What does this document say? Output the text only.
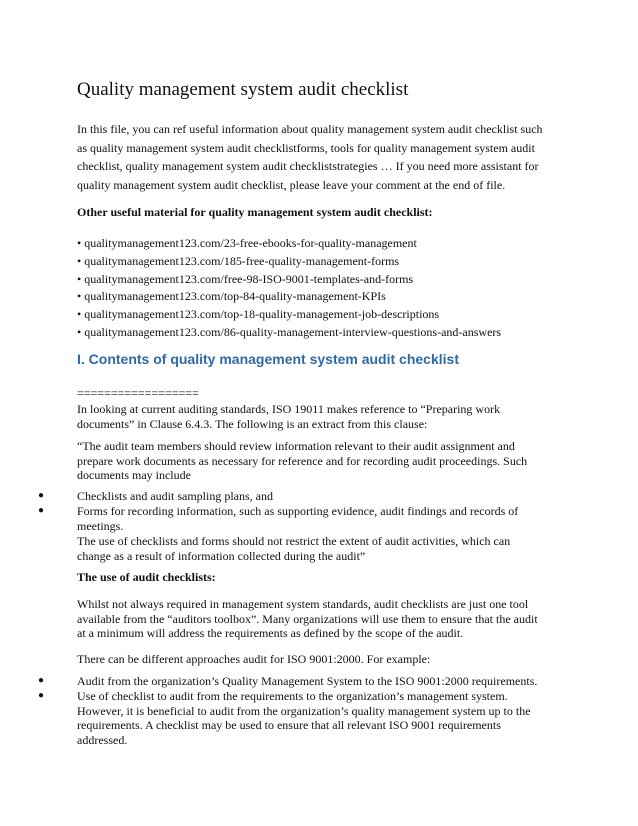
Quality management system audit checklist
In this file, you can ref useful information about quality management system audit checklist such
as quality management system audit checklistforms, tools for quality management system audit
checklist, quality management system audit checkliststrategies … If you need more assistant for
quality management system audit checklist, please leave your comment at the end of file.
Other useful material for quality management system audit checklist:
• qualitymanagement123.com/23-free-ebooks-for-quality-management
• qualitymanagement123.com/185-free-quality-management-forms
• qualitymanagement123.com/free-98-ISO-9001-templates-and-forms
• qualitymanagement123.com/top-84-quality-management-KPIs
• qualitymanagement123.com/top-18-quality-management-job-descriptions
• qualitymanagement123.com/86-quality-management-interview-questions-and-answers
I. Contents of quality management system audit checklist
==================
In looking at current auditing standards, ISO 19011 makes reference to “Preparing work
documents” in Clause 6.4.3. The following is an extract from this clause:
“The audit team members should review information relevant to their audit assignment and
prepare work documents as necessary for reference and for recording audit proceedings. Such
documents may include
●	Checklists and audit sampling plans, and
●	Forms for recording information, such as supporting evidence, audit findings and records of
meetings.
The use of checklists and forms should not restrict the extent of audit activities, which can
change as a result of information collected during the audit”
The use of audit checklists:
Whilst not always required in management system standards, audit checklists are just one tool
available from the “auditors toolbox”. Many organizations will use them to ensure that the audit
at a minimum will address the requirements as defined by the scope of the audit.
There can be different approaches audit for ISO 9001:2000. For example:
●	Audit from the organization’s Quality Management System to the ISO 9001:2000 requirements.
●	Use of checklist to audit from the requirements to the organization’s management system.
However, it is beneficial to audit from the organization’s quality management system up to the
requirements. A checklist may be used to ensure that all relevant ISO 9001 requirements
addressed.
